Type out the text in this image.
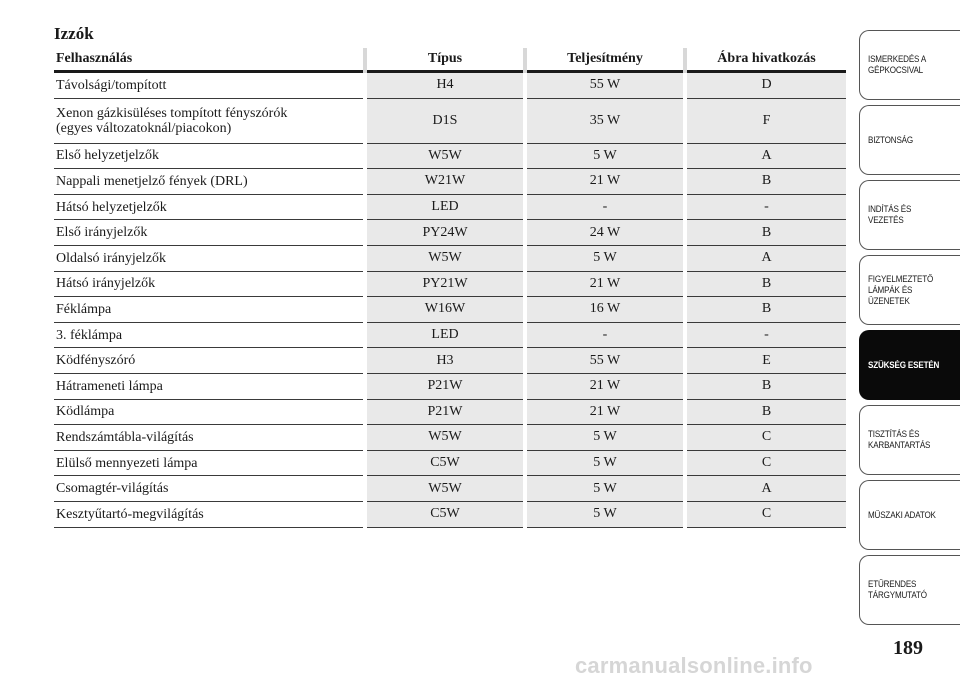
Izzók
Felhasználás	Típus	Teljesítmény	Ábra hivatkozás
Távolsági/tompított	H4	55 W	D
Xenon gázkisüléses tompított fényszórók
(egyes változatoknál/piacokon)	D1S	35 W	F
Első helyzetjelzők	W5W	5 W	A
Nappali menetjelző fények (DRL)	W21W	21 W	B
Hátsó helyzetjelzők	LED	-	-
Első irányjelzők	PY24W	24 W	B
Oldalsó irányjelzők	W5W	5 W	A
Hátsó irányjelzők	PY21W	21 W	B
Féklámpa	W16W	16 W	B
3. féklámpa	LED	-	-
Ködfényszóró	H3	55 W	E
Hátrameneti lámpa	P21W	21 W	B
Ködlámpa	P21W	21 W	B
Rendszámtábla-világítás	W5W	5 W	C
Elülső mennyezeti lámpa	C5W	5 W	C
Csomagtér-világítás	W5W	5 W	A
Kesztyűtartó-megvilágítás	C5W	5 W	C
ISMERKEDÉS A
GÉPKOCSIVAL
BIZTONSÁG
INDÍTÁS ÉS
VEZETÉS
FIGYELMEZTETŐ
LÁMPÁK ÉS
ÜZENETEK
SZÜKSÉG ESETÉN
TISZTÍTÁS ÉS
KARBANTARTÁS
MŰSZAKI ADATOK
ETŰRENDES
TÁRGYMUTATÓ
189
carmanualsonline.info
